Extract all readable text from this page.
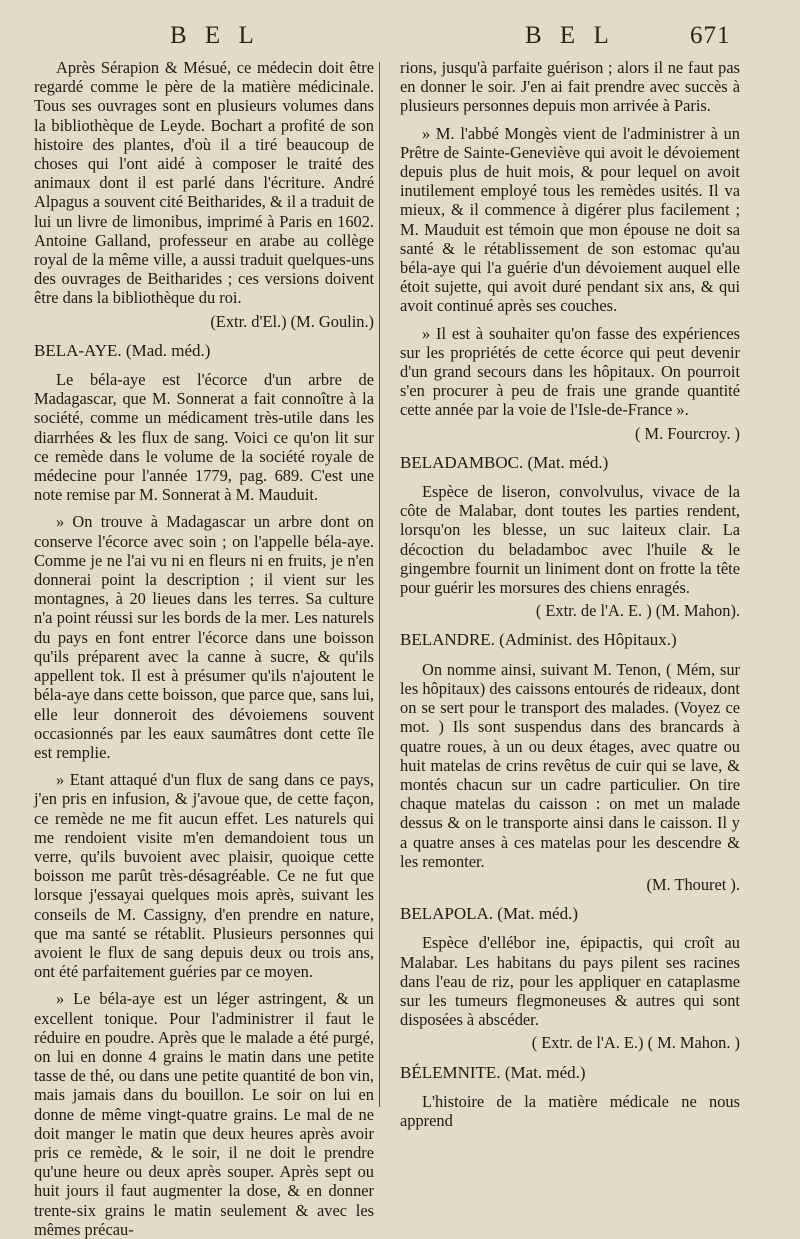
B E L	B E L	671

Après Sérapion & Mésué, ce médecin doit être regardé comme le père de la matière médicinale. Tous ses ouvrages sont en plusieurs volumes dans la bibliothèque de Leyde. Bochart a profité de son histoire des plantes, d'où il a tiré beaucoup de choses qui l'ont aidé à composer le traité des animaux dont il est parlé dans l'écriture. André Alpagus a souvent cité Beitharides, & il a traduit de lui un livre de limonibus, imprimé à Paris en 1602. Antoine Galland, professeur en arabe au collège royal de la même ville, a aussi traduit quelques-uns des ouvrages de Beitharides ; ces versions doivent être dans la bibliothèque du roi.

(Extr. d'El.) (M. Goulin.)

BELA-AYE. (Mad. méd.)

Le béla-aye est l'écorce d'un arbre de Madagascar, que M. Sonnerat a fait connoître à la société, comme un médicament très-utile dans les diarrhées & les flux de sang. Voici ce qu'on lit sur ce remède dans le volume de la société royale de médecine pour l'année 1779, pag. 689. C'est une note remise par M. Sonnerat à M. Mauduit.

» On trouve à Madagascar un arbre dont on conserve l'écorce avec soin ; on l'appelle béla-aye. Comme je ne l'ai vu ni en fleurs ni en fruits, je n'en donnerai point la description ; il vient sur les montagnes, à 20 lieues dans les terres. Sa culture n'a point réussi sur les bords de la mer. Les naturels du pays en font entrer l'écorce dans une boisson qu'ils préparent avec la canne à sucre, & qu'ils appellent tok. Il est à présumer qu'ils n'ajoutent le béla-aye dans cette boisson, que parce que, sans lui, elle leur donneroit des dévoiemens souvent occasionnés par les eaux saumâtres dont cette île est remplie.

» Etant attaqué d'un flux de sang dans ce pays, j'en pris en infusion, & j'avoue que, de cette façon, ce remède ne me fit aucun effet. Les naturels qui me rendoient visite m'en demandoient tous un verre, qu'ils buvoient avec plaisir, quoique cette boisson me parût très-désagréable. Ce ne fut que lorsque j'essayai quelques mois après, suivant les conseils de M. Cassigny, d'en prendre en nature, que ma santé se rétablit. Plusieurs personnes qui avoient le flux de sang depuis deux ou trois ans, ont été parfaitement guéries par ce moyen.

» Le béla-aye est un léger astringent, & un excellent tonique. Pour l'administrer il faut le réduire en poudre. Après que le malade a été purgé, on lui en donne 4 grains le matin dans une petite tasse de thé, ou dans une petite quantité de bon vin, mais jamais dans du bouillon. Le soir on lui en donne de même vingt-quatre grains. Le mal de ne doit manger le matin que deux heures après avoir pris ce remède, & le soir, il ne doit le prendre qu'une heure ou deux après souper. Après sept ou huit jours il faut augmenter la dose, & en donner trente-six grains le matin seulement & avec les mêmes précau-

rions, jusqu'à parfaite guérison ; alors il ne faut pas en donner le soir. J'en ai fait prendre avec succès à plusieurs personnes depuis mon arrivée à Paris.

» M. l'abbé Mongès vient de l'administrer à un Prêtre de Sainte-Geneviève qui avoit le dévoiement depuis plus de huit mois, & pour lequel on avoit inutilement employé tous les remèdes usités. Il va mieux, & il commence à digérer plus facilement ; M. Mauduit est témoin que mon épouse ne doit sa santé & le rétablissement de son estomac qu'au béla-aye qui l'a guérie d'un dévoiement auquel elle étoit sujette, qui avoit duré pendant six ans, & qui avoit continué après ses couches.

» Il est à souhaiter qu'on fasse des expériences sur les propriétés de cette écorce qui peut devenir d'un grand secours dans les hôpitaux. On pourroit s'en procurer à peu de frais une grande quantité cette année par la voie de l'Isle-de-France ».

( M. Fourcroy. )

BELADAMBOC. (Mat. méd.)

Espèce de liseron, convolvulus, vivace de la côte de Malabar, dont toutes les parties rendent, lorsqu'on les blesse, un suc laiteux clair. La décoction du beladamboc avec l'huile & le gingembre fournit un liniment dont on frotte la tête pour guérir les morsures des chiens enragés.

( Extr. de l'A. E. ) (M. Mahon).

BELANDRE. (Administ. des Hôpitaux.)

On nomme ainsi, suivant M. Tenon, ( Mém, sur les hôpitaux) des caissons entourés de rideaux, dont on se sert pour le transport des malades. (Voyez ce mot. ) Ils sont suspendus dans des brancards à quatre roues, à un ou deux étages, avec quatre ou huit matelas de crins revêtus de cuir qui se lave, & montés chacun sur un cadre particulier. On tire chaque matelas du caisson : on met un malade dessus & on le transporte ainsi dans le caisson. Il y a quatre anses à ces matelas pour les descendre & les remonter.

(M. Thouret ).

BELAPOLA. (Mat. méd.)

Espèce d'ellébor ine, épipactis, qui croît au Malabar. Les habitans du pays pilent ses racines dans l'eau de riz, pour les appliquer en cataplasme sur les tumeurs flegmoneuses & autres qui sont disposées à abscéder.

( Extr. de l'A. E.) ( M. Mahon. )

BÉLEMNITE. (Mat. méd.)

L'histoire de la matière médicale ne nous apprend
